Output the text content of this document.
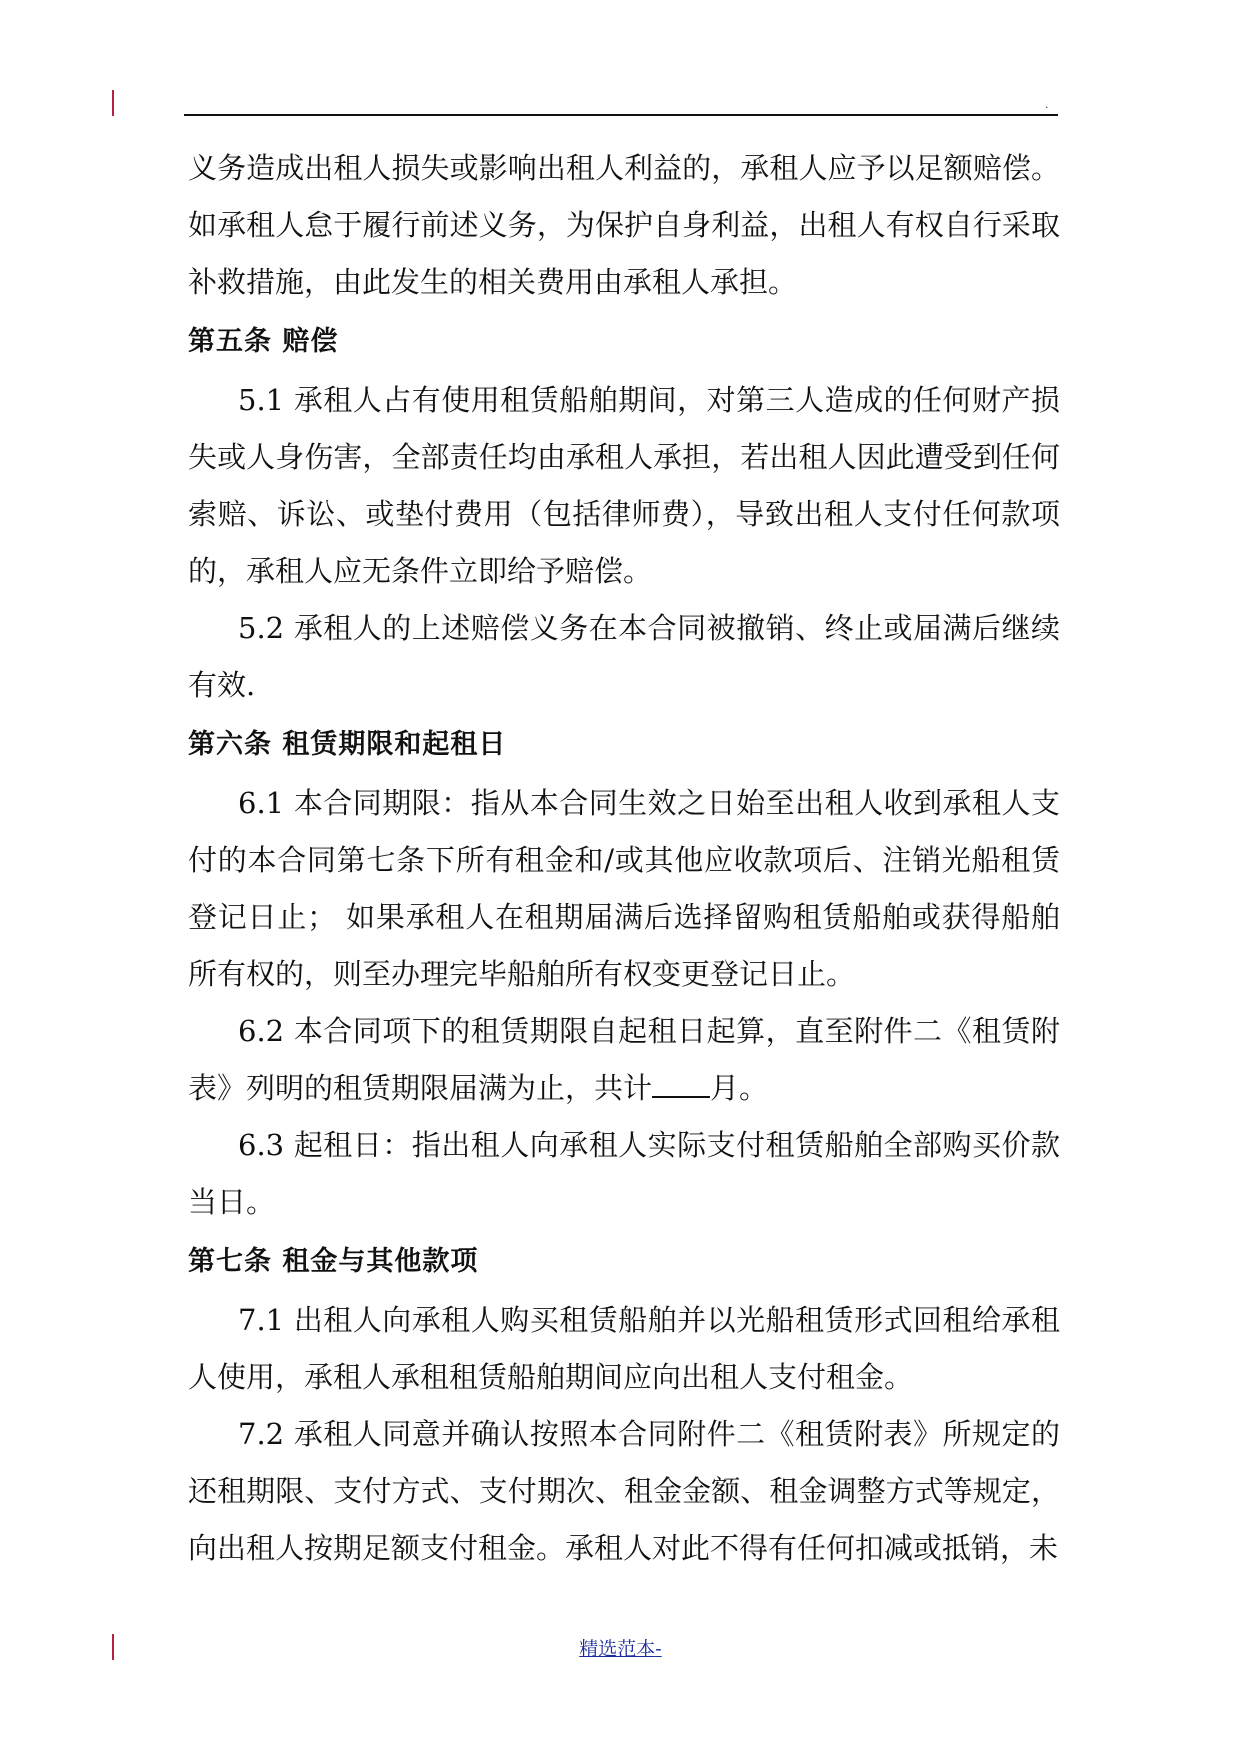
.

义务造成出租人损失或影响出租人利益的，承租人应予以足额赔偿。如承租人怠于履行前述义务，为保护自身利益，出租人有权自行采取补救措施，由此发生的相关费用由承租人承担。

第五条 赔偿

5.1 承租人占有使用租赁船舶期间，对第三人造成的任何财产损失或人身伤害，全部责任均由承租人承担，若出租人因此遭受到任何索赔、诉讼、或垫付费用（包括律师费），导致出租人支付任何款项的，承租人应无条件立即给予赔偿。

5.2 承租人的上述赔偿义务在本合同被撤销、终止或届满后继续有效.

第六条 租赁期限和起租日

6.1 本合同期限：指从本合同生效之日始至出租人收到承租人支付的本合同第七条下所有租金和/或其他应收款项后、注销光船租赁登记日止； 如果承租人在租期届满后选择留购租赁船舶或获得船舶所有权的，则至办理完毕船舶所有权变更登记日止。

6.2 本合同项下的租赁期限自起租日起算，直至附件二《租赁附表》列明的租赁期限届满为止，共计 月。

6.3 起租日：指出租人向承租人实际支付租赁船舶全部购买价款当日。

第七条 租金与其他款项

7.1 出租人向承租人购买租赁船舶并以光船租赁形式回租给承租人使用，承租人承租租赁船舶期间应向出租人支付租金。

7.2 承租人同意并确认按照本合同附件二《租赁附表》所规定的还租期限、支付方式、支付期次、租金金额、租金调整方式等规定，向出租人按期足额支付租金。承租人对此不得有任何扣减或抵销，未

精选范本-
